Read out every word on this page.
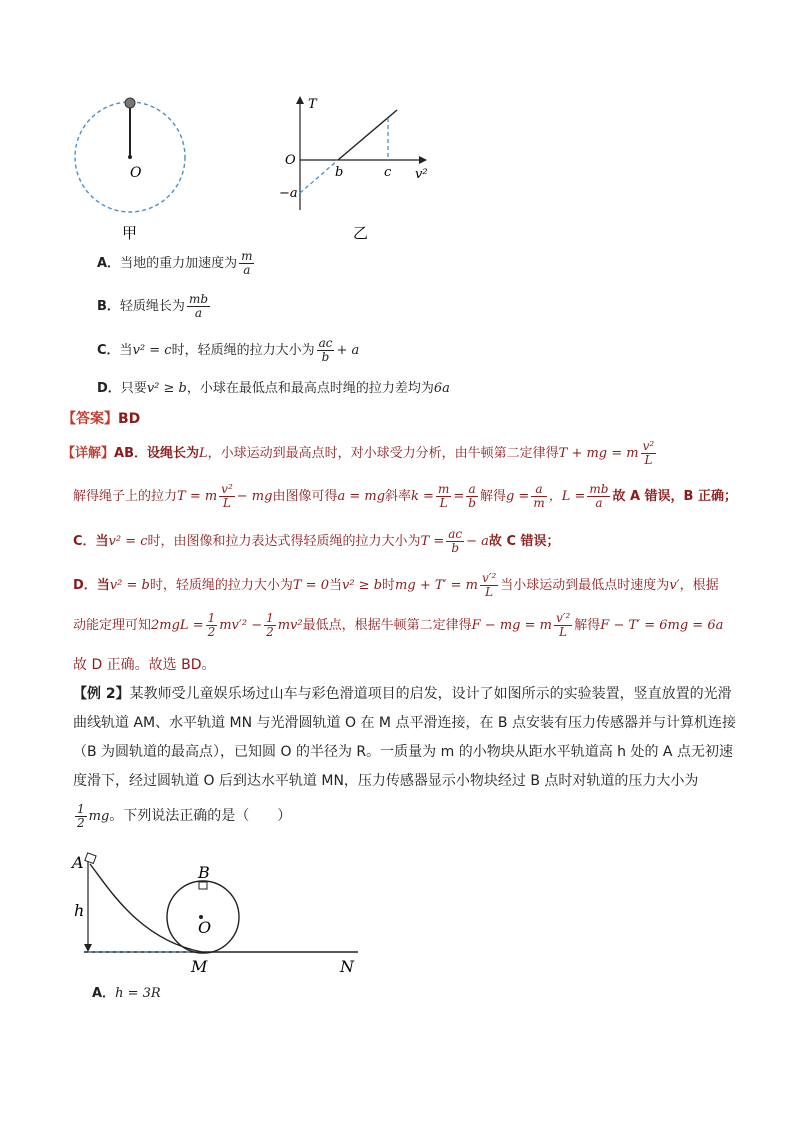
O
甲
T
O
b	c v²
−a
乙
A．当地的重力加速度为 $\frac{m}{a}$
B．轻质绳长为 $\frac{mb}{a}$
C．当v² = c时，轻质绳的拉力大小为 $\frac{ac}{b} + a$
D．只要v² ≥ b，小球在最低点和最高点时绳的拉力差均为6a
【答案】BD
【详解】AB．设绳长为L，小球运动到最高点时，对小球受力分析，由牛顿第二定律得T + mg = m $\frac{\text{v²}}{L}$
解得绳子上的拉力T = m $\frac{\text{v²}}{L}$ − mg由图像可得a = mg斜率$k = \frac{m}{L} = \frac{a}{b}$ 解得$g = \frac{a}{m}$ ，$L = \frac{mb}{a}$ 故 A 错误，B 正确；
C．当v² = c时，由图像和拉力表达式得轻质绳的拉力大小为$T = \frac{ac}{b} - a$故 C 错误；
D．当v² = b时，轻质绳的拉力大小为T = 0当v² ≥ b时mg + T′ = m $\frac{\text{v′²}}{L}$ 当小球运动到最低点时速度为v′，根据
动能定理可知$2mgL = \frac{1}{2} mv'^2 - \frac{1}{2} mv^2$最低点，根据牛顿第二定律得F − mg = m $\frac{\text{v′²}}{L}$ 解得F − T′ = 6mg = 6a
故 D 正确。故选 BD。
【例 2】某教师受儿童娱乐场过山车与彩色滑道项目的启发，设计了如图所示的实验装置，竖直放置的光滑
曲线轨道 AM、水平轨道 MN 与光滑圆轨道 O 在 M 点平滑连接，在 B 点安装有压力传感器并与计算机连接
（B 为圆轨道的最高点），已知圆 O 的半径为 R。一质量为 m 的小物块从距水平轨道高 h 处的 A 点无初速
度滑下，经过圆轨道 O 后到达水平轨道 MN，压力传感器显示小物块经过 B 点时对轨道的压力大小为
$\frac{1}{2}$ mg。下列说法正确的是（　　）
A
B
h
O
M	N
A．h = 3R
